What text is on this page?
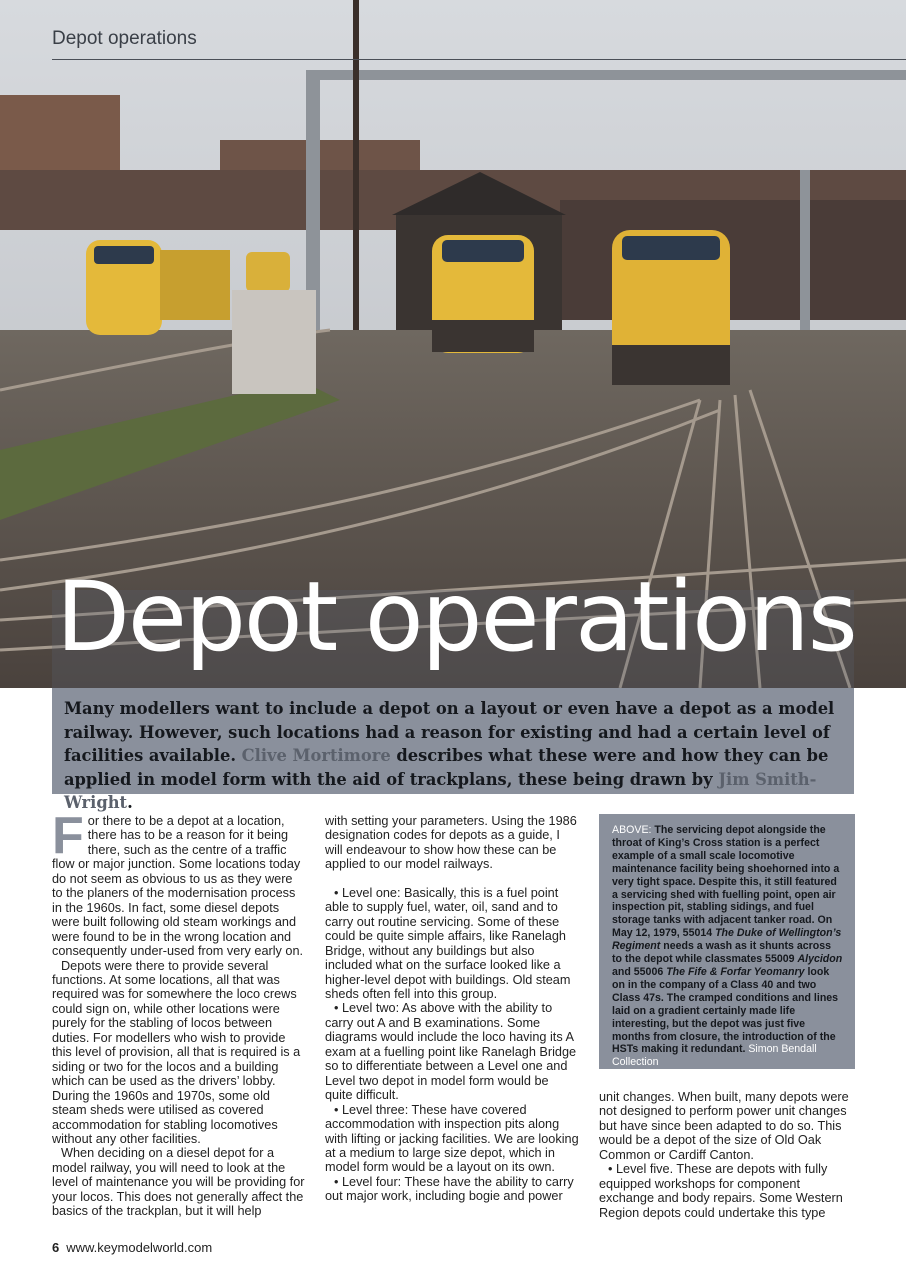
Depot operations
Depot operations
Many modellers want to include a depot on a layout or even have a depot as a model railway. However, such locations had a reason for existing and had a certain level of facilities available. Clive Mortimore describes what these were and how they can be applied in model form with the aid of trackplans, these being drawn by Jim Smith-Wright.

For there to be a depot at a location, there has to be a reason for it being there, such as the centre of a traffic flow or major junction. Some locations today do not seem as obvious to us as they were to the planers of the modernisation process in the 1960s. In fact, some diesel depots were built following old steam workings and were found to be in the wrong location and consequently under-used from very early on.

Depots were there to provide several functions. At some locations, all that was required was for somewhere the loco crews could sign on, while other locations were purely for the stabling of locos between duties. For modellers who wish to provide this level of provision, all that is required is a siding or two for the locos and a building which can be used as the drivers’ lobby. During the 1960s and 1970s, some old steam sheds were utilised as covered accommodation for stabling locomotives without any other facilities.

When deciding on a diesel depot for a model railway, you will need to look at the level of maintenance you will be providing for your locos. This does not generally affect the basics of the trackplan, but it will help

with setting your parameters. Using the 1986 designation codes for depots as a guide, I will endeavour to show how these can be applied to our model railways.

• Level one: Basically, this is a fuel point able to supply fuel, water, oil, sand and to carry out routine servicing. Some of these could be quite simple affairs, like Ranelagh Bridge, without any buildings but also included what on the surface looked like a higher-level depot with buildings. Old steam sheds often fell into this group.

• Level two: As above with the ability to carry out A and B examinations. Some diagrams would include the loco having its A exam at a fuelling point like Ranelagh Bridge so to differentiate between a Level one and Level two depot in model form would be quite difficult.

• Level three: These have covered accommodation with inspection pits along with lifting or jacking facilities. We are looking at a medium to large size depot, which in model form would be a layout on its own.

• Level four: These have the ability to carry out major work, including bogie and power

ABOVE: The servicing depot alongside the throat of King’s Cross station is a perfect example of a small scale locomotive maintenance facility being shoehorned into a very tight space. Despite this, it still featured a servicing shed with fuelling point, open air inspection pit, stabling sidings, and fuel storage tanks with adjacent tanker road. On May 12, 1979, 55014 The Duke of Wellington’s Regiment needs a wash as it shunts across to the depot while classmates 55009 Alycidon and 55006 The Fife & Forfar Yeomanry look on in the company of a Class 40 and two Class 47s. The cramped conditions and lines laid on a gradient certainly made life interesting, but the depot was just five months from closure, the introduction of the HSTs making it redundant. Simon Bendall Collection

unit changes. When built, many depots were not designed to perform power unit changes but have since been adapted to do so. This would be a depot of the size of Old Oak Common or Cardiff Canton.

• Level five. These are depots with fully equipped workshops for component exchange and body repairs. Some Western Region depots could undertake this type

6 www.keymodelworld.com
